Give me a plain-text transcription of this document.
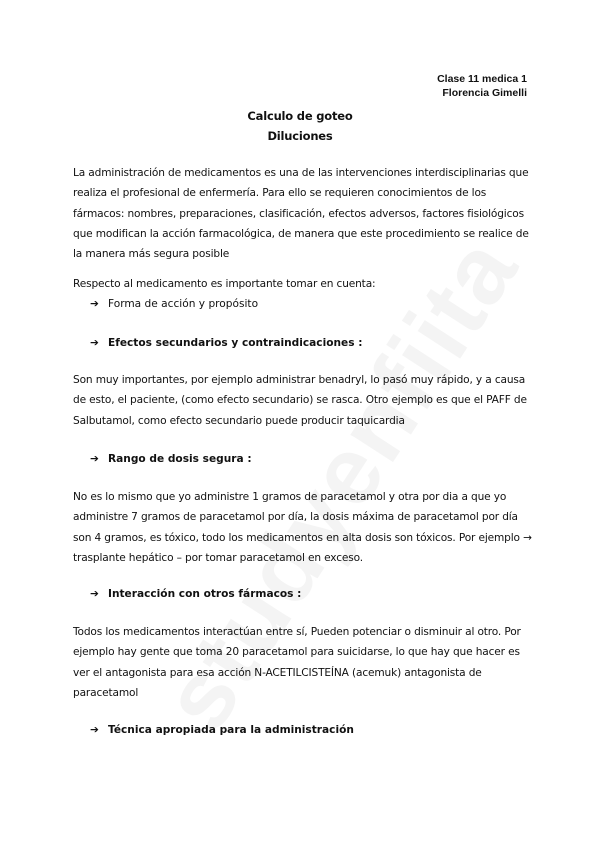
Clase 11 medica 1
Florencia Gimelli
Calculo de goteo
Diluciones

La administración de medicamentos es una de las intervenciones interdisciplinarias que realiza el profesional de enfermería. Para ello se requieren conocimientos de los fármacos: nombres, preparaciones, clasificación, efectos adversos, factores fisiológicos que modifican la acción farmacológica, de manera que este procedimiento se realice de la manera más segura posible

Respecto al medicamento es importante tomar en cuenta:

➔ Forma de acción y propósito
➔ Efectos secundarios y contraindicaciones :

Son muy importantes, por ejemplo administrar benadryl, lo pasó muy rápido, y a causa de esto, el paciente, (como efecto secundario) se rasca. Otro ejemplo es que el PAFF de Salbutamol, como efecto secundario puede producir taquicardia

➔ Rango de dosis segura :

No es lo mismo que yo administre 1 gramos de paracetamol y otra por dia a que yo administre 7 gramos de paracetamol por día, la dosis máxima de paracetamol por día son 4 gramos, es tóxico, todo los medicamentos en alta dosis son tóxicos. Por ejemplo → trasplante hepático – por tomar paracetamol en exceso.

➔ Interacción con otros fármacos :

Todos los medicamentos interactúan entre sí, Pueden potenciar o disminuir al otro. Por ejemplo hay gente que toma 20 paracetamol para suicidarse, lo que hay que hacer es ver el antagonista para esa acción N-ACETILCISTEÍNA (acemuk) antagonista de paracetamol

➔ Técnica apropiada para la administración
